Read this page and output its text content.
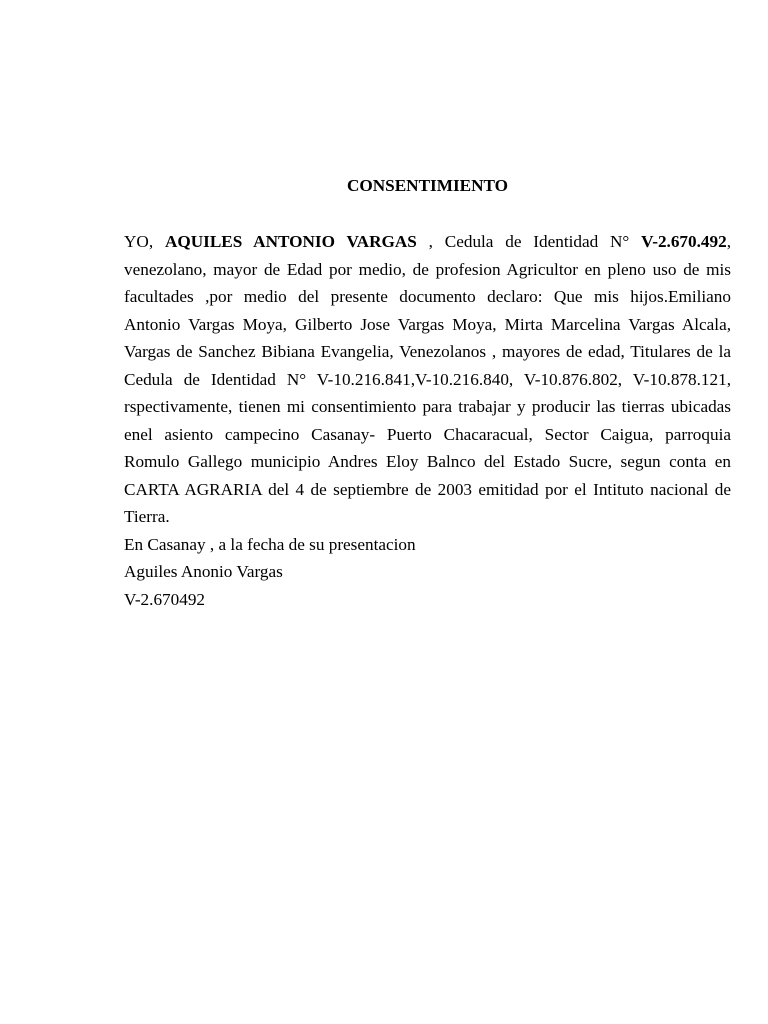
CONSENTIMIENTO
YO, AQUILES ANTONIO VARGAS , Cedula de Identidad N° V-2.670.492,
venezolano, mayor de Edad por medio, de profesion Agricultor en pleno uso de mis
facultades ,por medio del presente documento declaro: Que mis hijos.Emiliano
Antonio Vargas Moya, Gilberto Jose Vargas Moya, Mirta Marcelina Vargas Alcala,
Vargas de Sanchez Bibiana Evangelia, Venezolanos , mayores de edad, Titulares de la
Cedula de Identidad N° V-10.216.841,V-10.216.840, V-10.876.802, V-10.878.121,
rspectivamente, tienen mi consentimiento para trabajar y producir las tierras ubicadas
enel asiento campecino Casanay- Puerto Chacaracual, Sector Caigua, parroquia
Romulo Gallego municipio Andres Eloy Balnco del Estado Sucre, segun conta en
CARTA AGRARIA del 4 de septiembre de 2003 emitidad por el Intituto nacional de
Tierra.
En Casanay , a la fecha de su presentacion
Aguiles Anonio Vargas
V-2.670492
